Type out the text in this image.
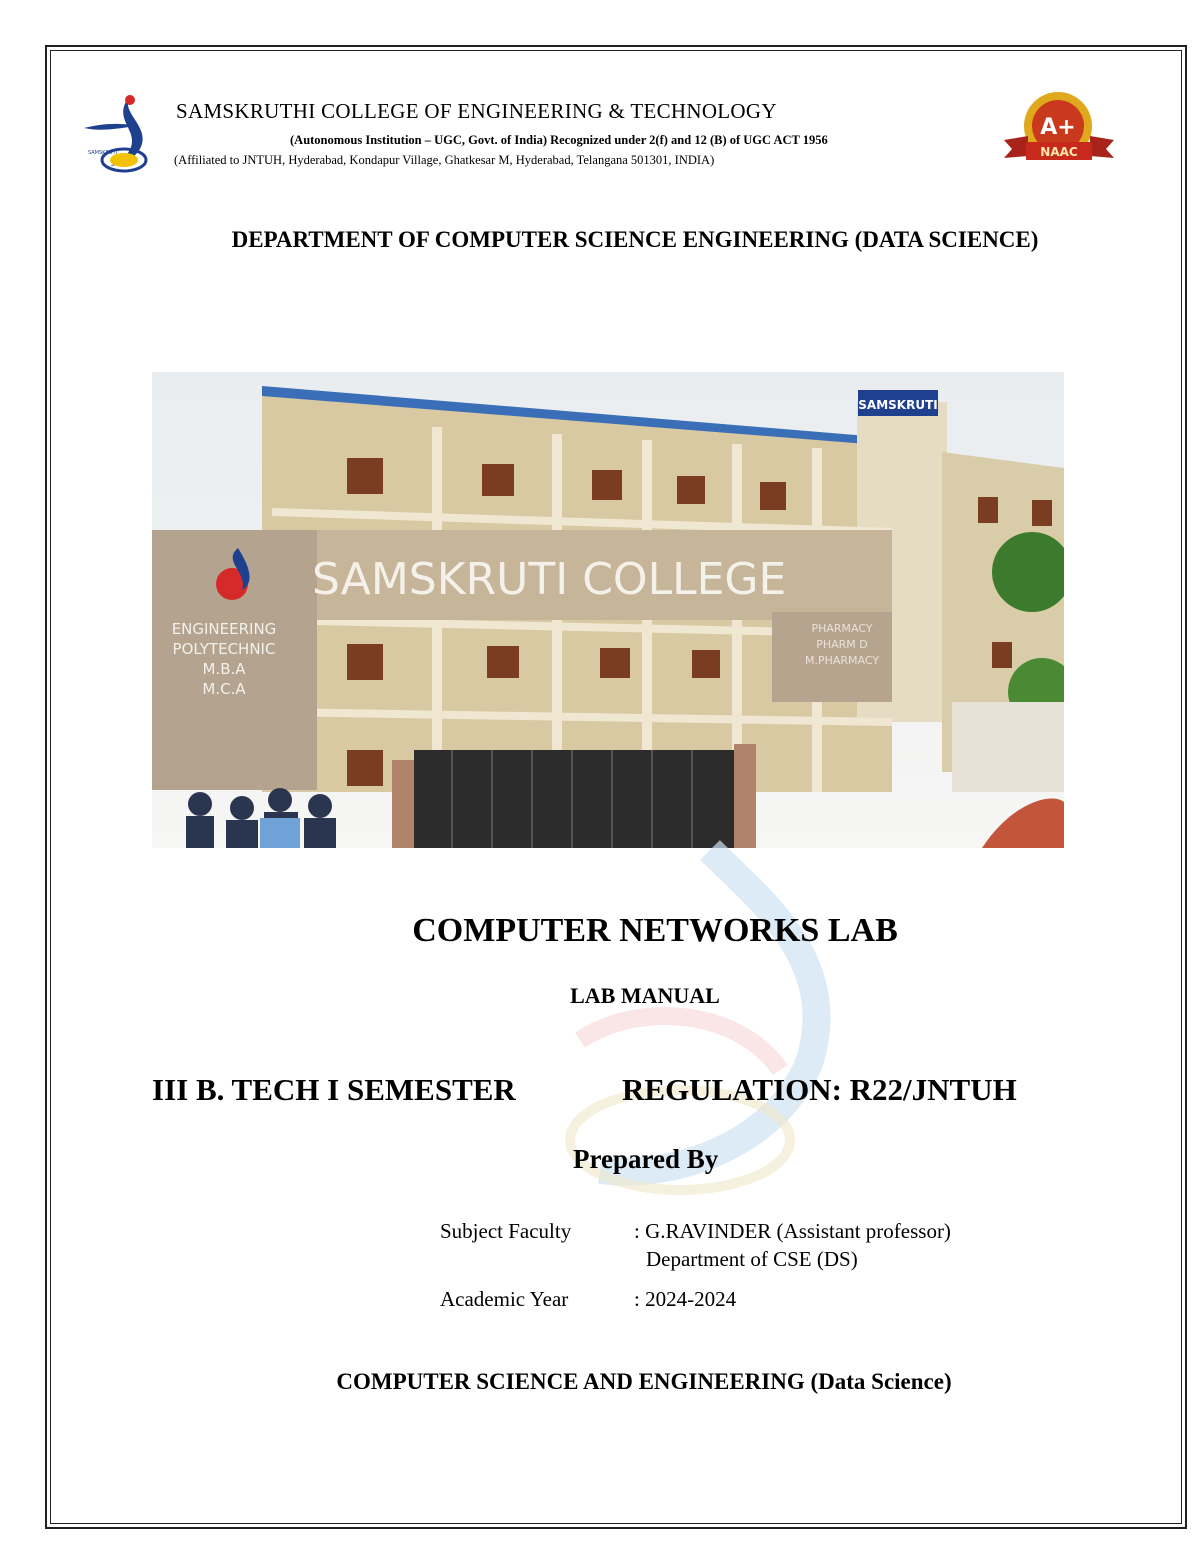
SAMSKRUTI
SAMSKRUTHI COLLEGE OF ENGINEERING & TECHNOLOGY
(Autonomous Institution – UGC, Govt. of India) Recognized under 2(f) and 12 (B) of UGC ACT 1956
(Affiliated to JNTUH, Hyderabad, Kondapur Village, Ghatkesar M, Hyderabad, Telangana 501301, INDIA)
A+
NAAC
DEPARTMENT OF COMPUTER SCIENCE ENGINEERING (DATA SCIENCE)
SAMSKRUTI
SAMSKRUTI COLLEGE
ENGINEERING
POLYTECHNIC
M.B.A
M.C.A
PHARMACY
PHARM D
M.PHARMACY
COMPUTER NETWORKS LAB
LAB MANUAL
III B. TECH I SEMESTER	REGULATION: R22/JNTUH
Prepared By
Subject Faculty	: G.RAVINDER (Assistant professor)
Department of CSE (DS)
Academic Year	: 2024-2024
COMPUTER SCIENCE AND ENGINEERING (Data Science)
